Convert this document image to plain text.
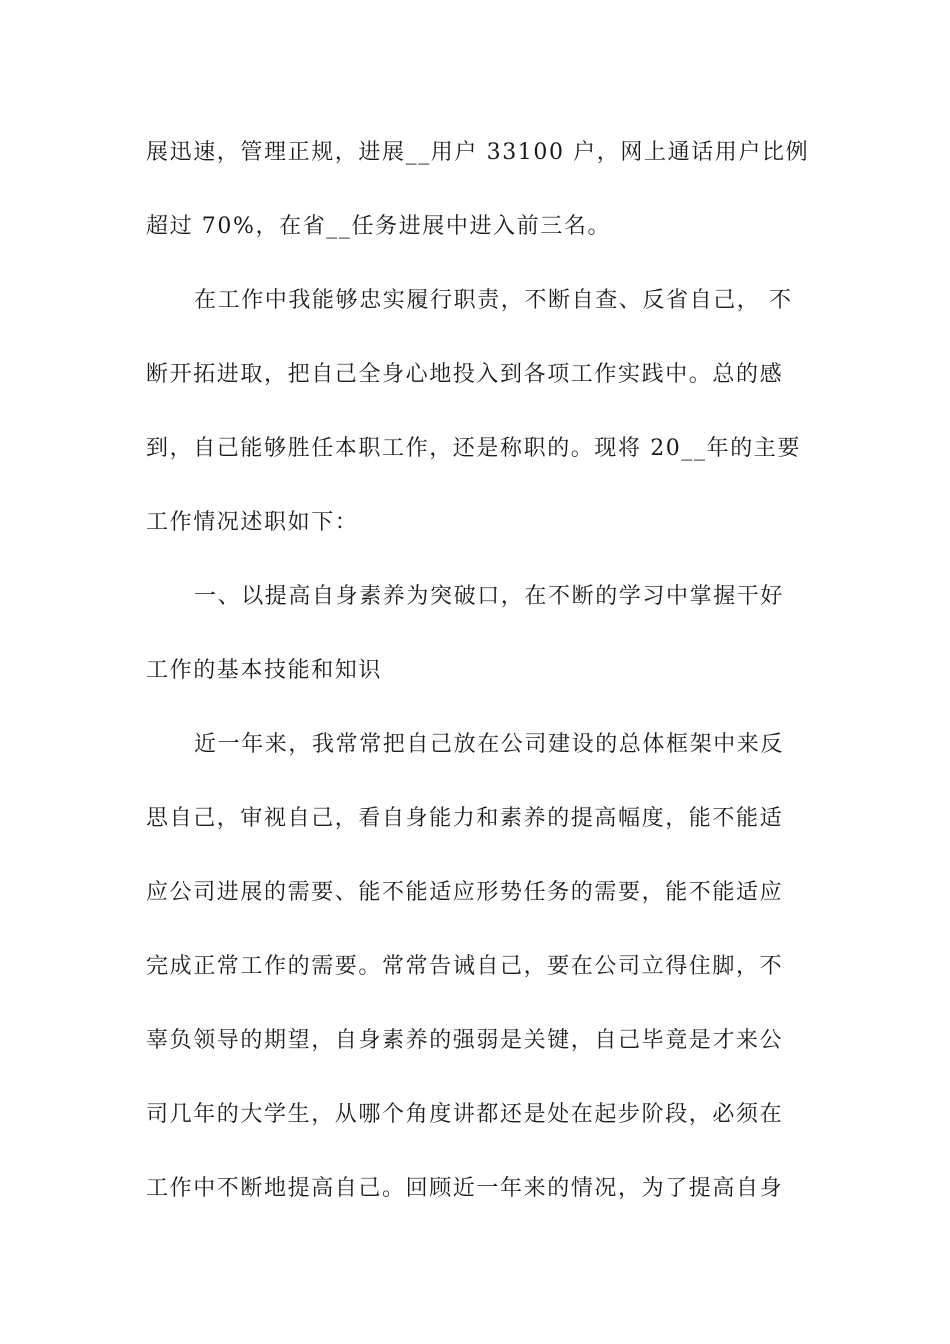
展迅速，管理正规，进展__用户 33100 户，网上通话用户比例
超过 70%，在省__任务进展中进入前三名。
在工作中我能够忠实履行职责，不断自查、反省自己， 不
断开拓进取，把自己全身心地投入到各项工作实践中。总的感
到，自己能够胜任本职工作，还是称职的。现将 20__年的主要
工作情况述职如下：
一、以提高自身素养为突破口，在不断的学习中掌握干好
工作的基本技能和知识
近一年来，我常常把自己放在公司建设的总体框架中来反
思自己，审视自己，看自身能力和素养的提高幅度，能不能适
应公司进展的需要、能不能适应形势任务的需要，能不能适应
完成正常工作的需要。常常告诫自己，要在公司立得住脚，不
辜负领导的期望，自身素养的强弱是关键，自己毕竟是才来公
司几年的大学生，从哪个角度讲都还是处在起步阶段，必须在
工作中不断地提高自己。回顾近一年来的情况，为了提高自身
